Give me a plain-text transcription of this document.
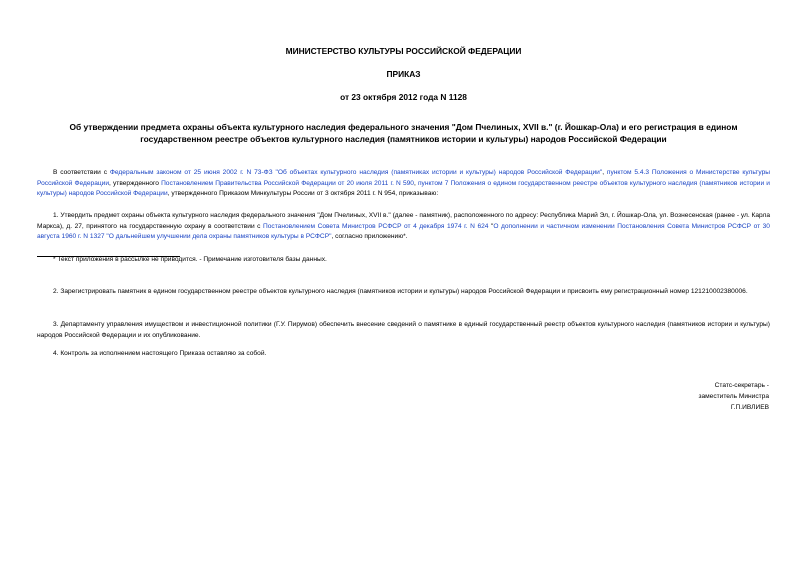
МИНИСТЕРСТВО КУЛЬТУРЫ РОССИЙСКОЙ ФЕДЕРАЦИИ
ПРИКАЗ
от 23 октября 2012 года N 1128
Об утверждении предмета охраны объекта культурного наследия федерального значения "Дом Пчелиных, XVII в." (г. Йошкар-Ола) и его регистрация в едином государственном реестре объектов культурного наследия (памятников истории и культуры) народов Российской Федерации
В соответствии с Федеральным законом от 25 июня 2002 г. N 73-ФЗ "Об объектах культурного наследия (памятниках истории и культуры) народов Российской Федерации", пунктом 5.4.3 Положения о Министерстве культуры Российской Федерации, утвержденного Постановлением Правительства Российской Федерации от 20 июля 2011 г. N 590, пунктом 7 Положения о едином государственном реестре объектов культурного наследия (памятников истории и культуры) народов Российской Федерации, утвержденного Приказом Минкультуры России от 3 октября 2011 г. N 954, приказываю:
1. Утвердить предмет охраны объекта культурного наследия федерального значения "Дом Пчелиных, XVII в." (далее - памятник), расположенного по адресу: Республика Марий Эл, г. Йошкар-Ола, ул. Вознесенская (ранее - ул. Карла Маркса), д. 27, принятого на государственную охрану в соответствии с Постановлением Совета Министров РСФСР от 4 декабря 1974 г. N 624 "О дополнении и частичном изменении Постановления Совета Министров РСФСР от 30 августа 1960 г. N 1327 "О дальнейшем улучшении дела охраны памятников культуры в РСФСР", согласно приложению*.
* Текст приложения в рассылке не приводится. - Примечание изготовителя базы данных.
2. Зарегистрировать памятник в едином государственном реестре объектов культурного наследия (памятников истории и культуры) народов Российской Федерации и присвоить ему регистрационный номер 121210002380006.
3. Департаменту управления имуществом и инвестиционной политики (Г.У. Пирумов) обеспечить внесение сведений о памятнике в единый государственный реестр объектов культурного наследия (памятников истории и культуры) народов Российской Федерации и их опубликование.
4. Контроль за исполнением настоящего Приказа оставляю за собой.
Статс-секретарь -
заместитель Министра
Г.П.ИВЛИЕВ
